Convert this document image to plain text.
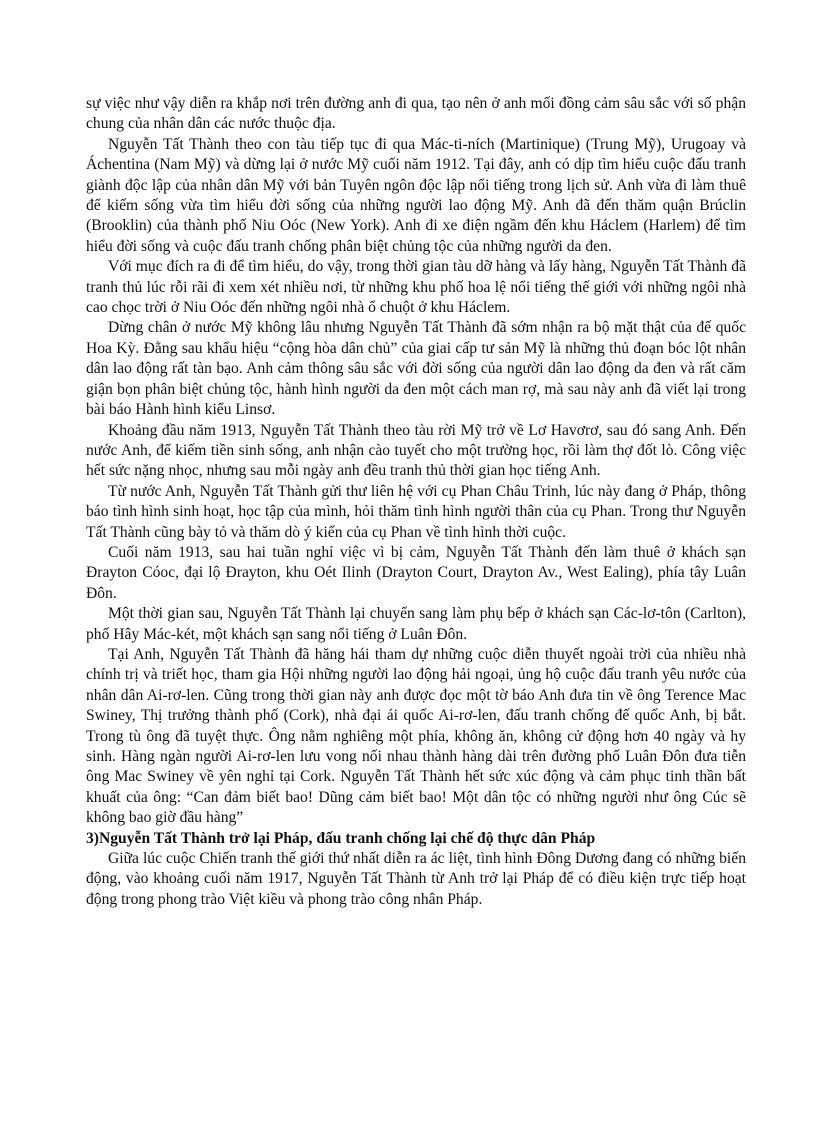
sự việc như vậy diễn ra khắp nơi trên đường anh đi qua, tạo nên ở anh mối đồng cảm sâu sắc với số phận chung của nhân dân các nước thuộc địa.

Nguyễn Tất Thành theo con tàu tiếp tục đi qua Mác-ti-ních (Martinique) (Trung Mỹ), Urugoay và Áchentina (Nam Mỹ) và dừng lại ở nước Mỹ cuối năm 1912. Tại đây, anh có dịp tìm hiểu cuộc đấu tranh giành độc lập của nhân dân Mỹ với bản Tuyên ngôn độc lập nổi tiếng trong lịch sử. Anh vừa đi làm thuê để kiếm sống vừa tìm hiểu đời sống của những người lao động Mỹ. Anh đã đến thăm quận Brúclin (Brooklin) của thành phố Niu Oóc (New York). Anh đi xe điện ngầm đến khu Háclem (Harlem) để tìm hiểu đời sống và cuộc đấu tranh chống phân biệt chủng tộc của những người da đen.

Với mục đích ra đi để tìm hiểu, do vậy, trong thời gian tàu dỡ hàng và lấy hàng, Nguyễn Tất Thành đã tranh thủ lúc rỗi rãi đi xem xét nhiều nơi, từ những khu phố hoa lệ nổi tiếng thế giới với những ngôi nhà cao chọc trời ở Niu Oóc đến những ngôi nhà ổ chuột ở khu Háclem.

Dừng chân ở nước Mỹ không lâu nhưng Nguyễn Tất Thành đã sớm nhận ra bộ mặt thật của đế quốc Hoa Kỳ. Đằng sau khẩu hiệu “cộng hòa dân chủ” của giai cấp tư sản Mỹ là những thủ đoạn bóc lột nhân dân lao động rất tàn bạo. Anh cảm thông sâu sắc với đời sống của người dân lao động da đen và rất căm giận bọn phân biệt chủng tộc, hành hình người da đen một cách man rợ, mà sau này anh đã viết lại trong bài báo Hành hình kiểu Linsơ.

Khoảng đầu năm 1913, Nguyễn Tất Thành theo tàu rời Mỹ trở về Lơ Havơrơ, sau đó sang Anh. Đến nước Anh, để kiếm tiền sinh sống, anh nhận cào tuyết cho một trường học, rồi làm thợ đốt lò. Công việc hết sức nặng nhọc, nhưng sau mỗi ngày anh đều tranh thủ thời gian học tiếng Anh.

Từ nước Anh, Nguyễn Tất Thành gửi thư liên hệ với cụ Phan Châu Trinh, lúc này đang ở Pháp, thông báo tình hình sinh hoạt, học tập của mình, hỏi thăm tình hình người thân của cụ Phan. Trong thư Nguyễn Tất Thành cũng bày tỏ và thăm dò ý kiến của cụ Phan về tình hình thời cuộc.

Cuối năm 1913, sau hai tuần nghỉ việc vì bị cảm, Nguyễn Tất Thành đến làm thuê ở khách sạn Đrayton Cóoc, đại lộ Đrayton, khu Oét Ilinh (Drayton Court, Drayton Av., West Ealing), phía tây Luân Đôn.

Một thời gian sau, Nguyễn Tất Thành lại chuyển sang làm phụ bếp ở khách sạn Các-lơ-tôn (Carlton), phố Hây Mác-két, một khách sạn sang nổi tiếng ở Luân Đôn.

Tại Anh, Nguyễn Tất Thành đã hăng hái tham dự những cuộc diễn thuyết ngoài trời của nhiều nhà chính trị và triết học, tham gia Hội những người lao động hải ngoại, ủng hộ cuộc đấu tranh yêu nước của nhân dân Ai-rơ-len. Cũng trong thời gian này anh được đọc một tờ báo Anh đưa tin về ông Terence Mac Swiney, Thị trưởng thành phố (Cork), nhà đại ái quốc Ai-rơ-len, đấu tranh chống đế quốc Anh, bị bắt. Trong tù ông đã tuyệt thực. Ông nằm nghiêng một phía, không ăn, không cử động hơn 40 ngày và hy sinh. Hàng ngàn người Ai-rơ-len lưu vong nối nhau thành hàng dài trên đường phố Luân Đôn đưa tiễn ông Mac Swiney về yên nghỉ tại Cork. Nguyễn Tất Thành hết sức xúc động và cảm phục tinh thần bất khuất của ông: “Can đảm biết bao! Dũng cảm biết bao! Một dân tộc có những người như ông Cúc sẽ không bao giờ đầu hàng”

3)Nguyễn Tất Thành trở lại Pháp, đấu tranh chống lại chế độ thực dân Pháp

Giữa lúc cuộc Chiến tranh thế giới thứ nhất diễn ra ác liệt, tình hình Đông Dương đang có những biến động, vào khoảng cuối năm 1917, Nguyễn Tất Thành từ Anh trở lại Pháp để có điều kiện trực tiếp hoạt động trong phong trào Việt kiều và phong trào công nhân Pháp.
